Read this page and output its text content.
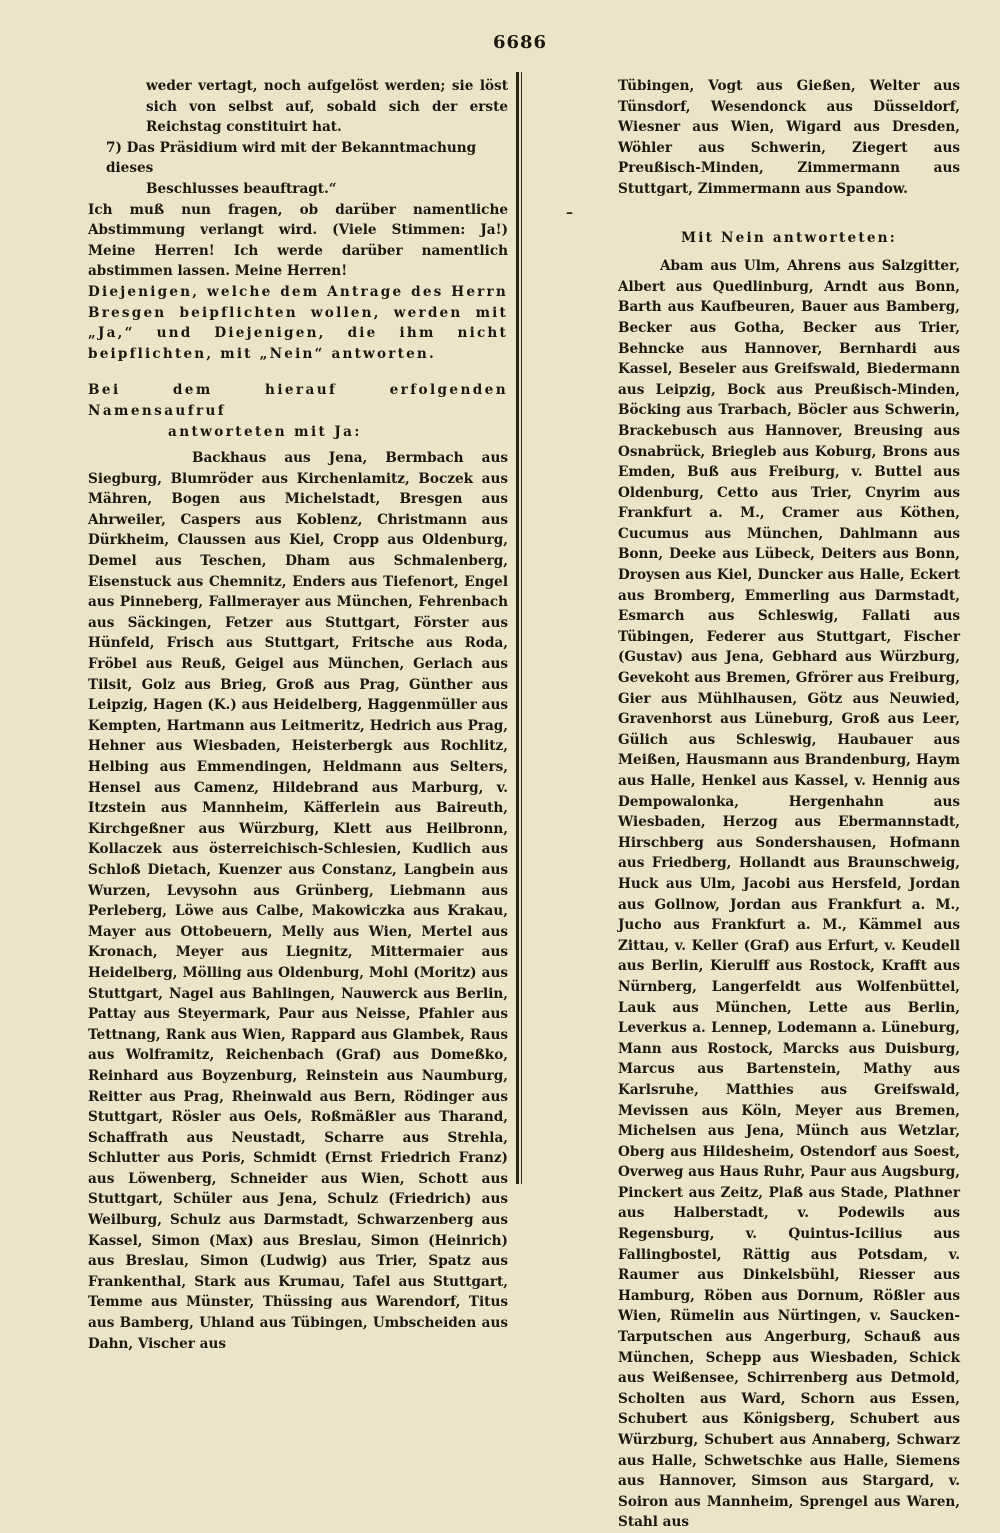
6686

weder vertagt, noch aufgelöst werden; sie löst sich von selbst auf, sobald sich der erste Reichstag constituirt hat.

7) Das Präsidium wird mit der Bekanntmachung dieses

Beschlusses beauftragt.“

Ich muß nun fragen, ob darüber namentliche Abstimmung verlangt wird. (Viele Stimmen: Ja!) Meine Herren! Ich werde darüber namentlich abstimmen lassen. Meine Herren!

Diejenigen, welche dem Antrage des Herrn Bresgen beipflichten wollen, werden mit „Ja,“ und Diejenigen, die ihm nicht beipflichten, mit „Nein“ antworten.

Bei dem hierauf erfolgenden Namensaufruf

antworteten mit Ja:

Backhaus aus Jena, Bermbach aus Siegburg, Blumröder aus Kirchenlamitz, Boczek aus Mähren, Bogen aus Michelstadt, Bresgen aus Ahrweiler, Caspers aus Koblenz, Christmann aus Dürkheim, Claussen aus Kiel, Cropp aus Oldenburg, Demel aus Teschen, Dham aus Schmalenberg, Eisenstuck aus Chemnitz, Enders aus Tiefenort, Engel aus Pinneberg, Fallmerayer aus München, Fehrenbach aus Säckingen, Fetzer aus Stuttgart, Förster aus Hünfeld, Frisch aus Stuttgart, Fritsche aus Roda, Fröbel aus Reuß, Geigel aus München, Gerlach aus Tilsit, Golz aus Brieg, Groß aus Prag, Günther aus Leipzig, Hagen (K.) aus Heidelberg, Haggenmüller aus Kempten, Hartmann aus Leitmeritz, Hedrich aus Prag, Hehner aus Wiesbaden, Heisterbergk aus Rochlitz, Helbing aus Emmendingen, Heldmann aus Selters, Hensel aus Camenz, Hildebrand aus Marburg, v. Itzstein aus Mannheim, Käfferlein aus Baireuth, Kirchgeßner aus Würzburg, Klett aus Heilbronn, Kollaczek aus österreichisch-Schlesien, Kudlich aus Schloß Dietach, Kuenzer aus Constanz, Langbein aus Wurzen, Levysohn aus Grünberg, Liebmann aus Perleberg, Löwe aus Calbe, Makowiczka aus Krakau, Mayer aus Ottobeuern, Melly aus Wien, Mertel aus Kronach, Meyer aus Liegnitz, Mittermaier aus Heidelberg, Mölling aus Oldenburg, Mohl (Moritz) aus Stuttgart, Nagel aus Bahlingen, Nauwerck aus Berlin, Pattay aus Steyermark, Paur aus Neisse, Pfahler aus Tettnang, Rank aus Wien, Rappard aus Glambek, Raus aus Wolframitz, Reichenbach (Graf) aus Domeßko, Reinhard aus Boyzenburg, Reinstein aus Naumburg, Reitter aus Prag, Rheinwald aus Bern, Rödinger aus Stuttgart, Rösler aus Oels, Roßmäßler aus Tharand, Schaffrath aus Neustadt, Scharre aus Strehla, Schlutter aus Poris, Schmidt (Ernst Friedrich Franz) aus Löwenberg, Schneider aus Wien, Schott aus Stuttgart, Schüler aus Jena, Schulz (Friedrich) aus Weilburg, Schulz aus Darmstadt, Schwarzenberg aus Kassel, Simon (Max) aus Breslau, Simon (Heinrich) aus Breslau, Simon (Ludwig) aus Trier, Spatz aus Frankenthal, Stark aus Krumau, Tafel aus Stuttgart, Temme aus Münster, Thüssing aus Warendorf, Titus aus Bamberg, Uhland aus Tübingen, Umbscheiden aus Dahn, Vischer aus

–

Tübingen, Vogt aus Gießen, Welter aus Tünsdorf, Wesendonck aus Düsseldorf, Wiesner aus Wien, Wigard aus Dresden, Wöhler aus Schwerin, Ziegert aus Preußisch-Minden, Zimmermann aus Stuttgart, Zimmermann aus Spandow.

Mit Nein antworteten:

Abam aus Ulm, Ahrens aus Salzgitter, Albert aus Quedlinburg, Arndt aus Bonn, Barth aus Kaufbeuren, Bauer aus Bamberg, Becker aus Gotha, Becker aus Trier, Behncke aus Hannover, Bernhardi aus Kassel, Beseler aus Greifswald, Biedermann aus Leipzig, Bock aus Preußisch-Minden, Böcking aus Trarbach, Böcler aus Schwerin, Brackebusch aus Hannover, Breusing aus Osnabrück, Briegleb aus Koburg, Brons aus Emden, Buß aus Freiburg, v. Buttel aus Oldenburg, Cetto aus Trier, Cnyrim aus Frankfurt a. M., Cramer aus Köthen, Cucumus aus München, Dahlmann aus Bonn, Deeke aus Lübeck, Deiters aus Bonn, Droysen aus Kiel, Duncker aus Halle, Eckert aus Bromberg, Emmerling aus Darmstadt, Esmarch aus Schleswig, Fallati aus Tübingen, Federer aus Stuttgart, Fischer (Gustav) aus Jena, Gebhard aus Würzburg, Gevekoht aus Bremen, Gfrörer aus Freiburg, Gier aus Mühlhausen, Götz aus Neuwied, Gravenhorst aus Lüneburg, Groß aus Leer, Gülich aus Schleswig, Haubauer aus Meißen, Hausmann aus Brandenburg, Haym aus Halle, Henkel aus Kassel, v. Hennig aus Dempowalonka, Hergenhahn aus Wiesbaden, Herzog aus Ebermannstadt, Hirschberg aus Sondershausen, Hofmann aus Friedberg, Hollandt aus Braunschweig, Huck aus Ulm, Jacobi aus Hersfeld, Jordan aus Gollnow, Jordan aus Frankfurt a. M., Jucho aus Frankfurt a. M., Kämmel aus Zittau, v. Keller (Graf) aus Erfurt, v. Keudell aus Berlin, Kierulff aus Rostock, Krafft aus Nürnberg, Langerfeldt aus Wolfenbüttel, Lauk aus München, Lette aus Berlin, Leverkus a. Lennep, Lodemann a. Lüneburg, Mann aus Rostock, Marcks aus Duisburg, Marcus aus Bartenstein, Mathy aus Karlsruhe, Matthies aus Greifswald, Mevissen aus Köln, Meyer aus Bremen, Michelsen aus Jena, Münch aus Wetzlar, Oberg aus Hildesheim, Ostendorf aus Soest, Overweg aus Haus Ruhr, Paur aus Augsburg, Pinckert aus Zeitz, Plaß aus Stade, Plathner aus Halberstadt, v. Podewils aus Regensburg, v. Quintus-Icilius aus Fallingbostel, Rättig aus Potsdam, v. Raumer aus Dinkelsbühl, Riesser aus Hamburg, Röben aus Dornum, Rößler aus Wien, Rümelin aus Nürtingen, v. Saucken-Tarputschen aus Angerburg, Schauß aus München, Schepp aus Wiesbaden, Schick aus Weißensee, Schirrenberg aus Detmold, Scholten aus Ward, Schorn aus Essen, Schubert aus Königsberg, Schubert aus Würzburg, Schubert aus Annaberg, Schwarz aus Halle, Schwetschke aus Halle, Siemens aus Hannover, Simson aus Stargard, v. Soiron aus Mannheim, Sprengel aus Waren, Stahl aus
